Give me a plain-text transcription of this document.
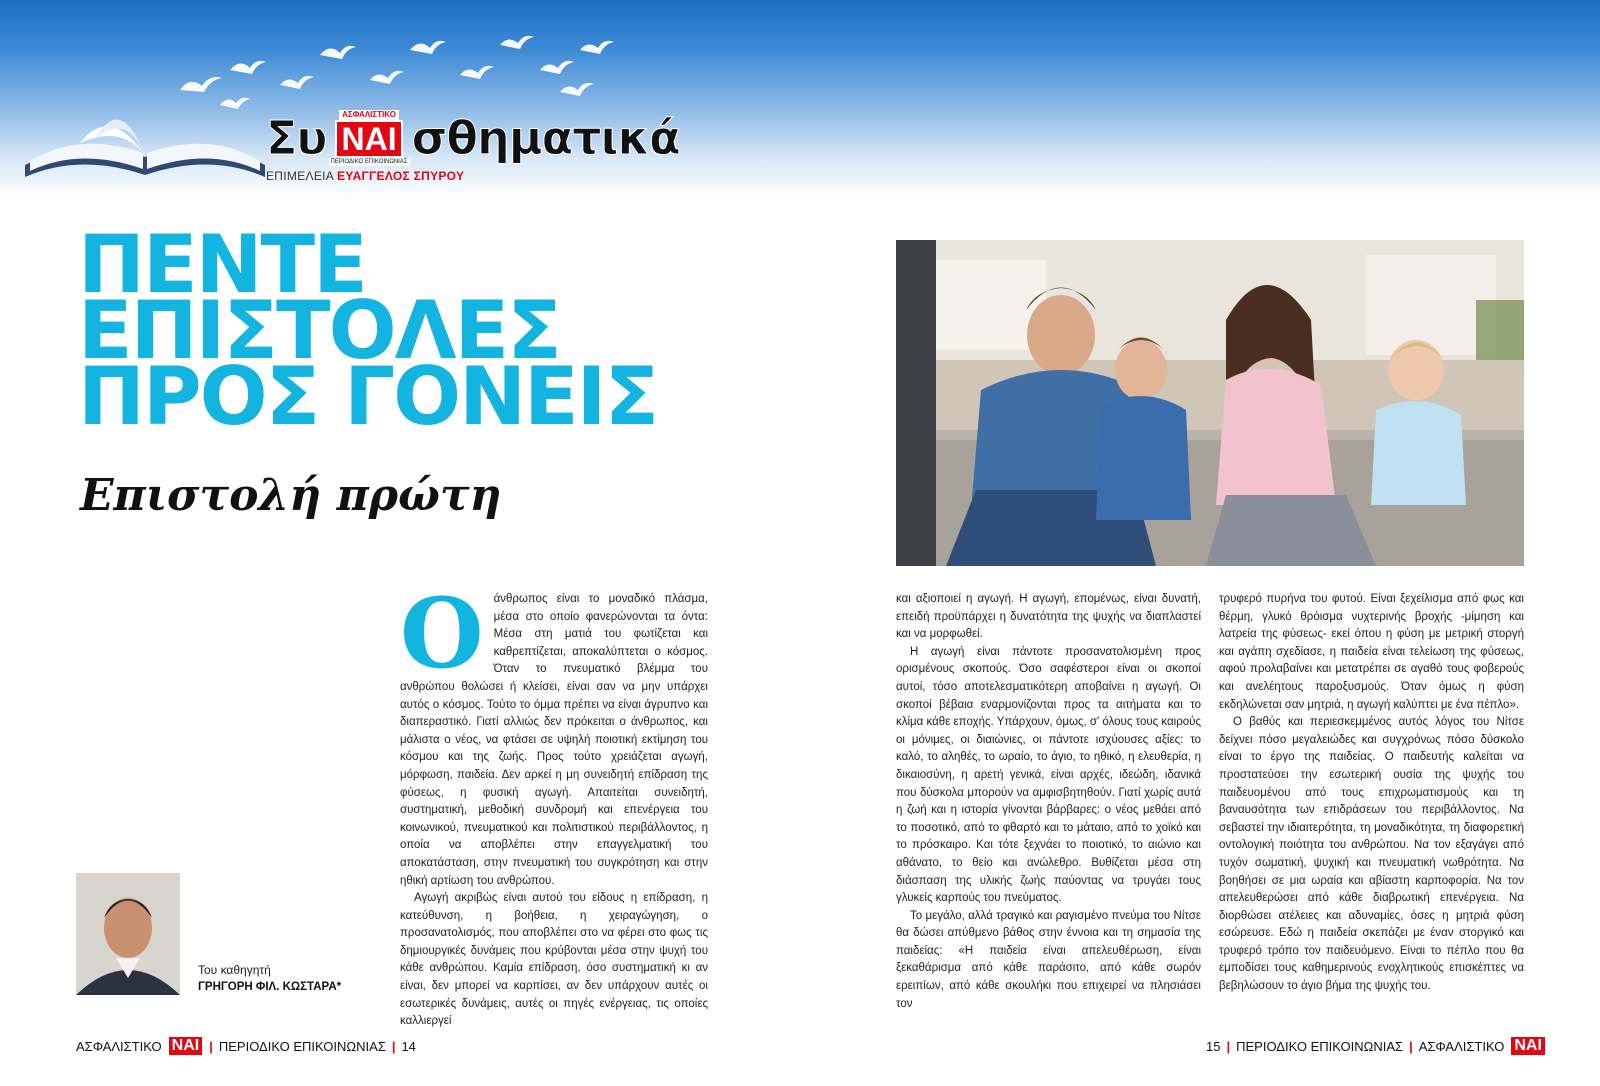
Συ	ΑΣΦΑΛΙΣΤΙΚΟ
ΝΑΙ
ΠΕΡΙΟΔΙΚΟ ΕΠΙΚΟΙΝΩΝΙΑΣ σθηματικά
ΕΠΙΜΕΛΕΙΑ ΕΥΑΓΓΕΛΟΣ ΣΠΥΡΟΥ
ΠΕΝΤΕ
ΕΠΙΣΤΟΛΕΣ
ΠΡΟΣ ΓΟΝΕΙΣ
Επιστολή πρώτη
Ο άνθρωπος είναι το μοναδικό πλάσμα, μέσα στο οποίο φανερώνονται τα όντα: Μέσα στη ματιά του φωτίζεται και καθρεπτίζεται, αποκαλύπτεται ο κόσμος. Όταν το πνευματικό βλέμμα του ανθρώπου θολώσει ή κλείσει, είναι σαν να μην υπάρχει αυτός ο κόσμος. Τούτο το όμμα πρέπει να είναι άγρυπνο και διαπεραστικό. Γιατί αλλιώς δεν πρόκειται ο άνθρωπος, και μάλιστα ο νέος, να φτάσει σε υψηλή ποιοτική εκτίμηση του κόσμου και της ζωής. Προς τούτο χρειάζεται αγωγή, μόρφωση, παιδεία. Δεν αρκεί η μη συνειδητή επίδραση της φύσεως, η φυσική αγωγή. Απαιτείται συνειδητή, συστηματική, μεθοδική συνδρομή και επενέργεια του κοινωνικού, πνευματικού και πολιτιστικού περιβάλλοντος, η οποία να αποβλέπει στην επαγγελματική του αποκατάσταση, στην πνευματική του συγκρότηση και στην ηθική αρτίωση του ανθρώπου.

Αγωγή ακριβώς είναι αυτού του είδους η επίδραση, η κατεύθυνση, η βοήθεια, η χειραγώγηση, ο προσανατολισμός, που αποβλέπει στο να φέρει στο φως τις δημιουργικές δυνάμεις που κρύβονται μέσα στην ψυχή του κάθε ανθρώπου. Καμία επίδραση, όσο συστηματική κι αν είναι, δεν μπορεί να καρπίσει, αν δεν υπάρχουν αυτές οι εσωτερικές δυνάμεις, αυτές οι πηγές ενέργειας, τις οποίες καλλιεργεί

και αξιοποιεί η αγωγή. Η αγωγή, επομένως, είναι δυνατή, επειδή προϋπάρχει η δυνατότητα της ψυχής να διαπλαστεί και να μορφωθεί.

Η αγωγή είναι πάντοτε προσανατολισμένη προς ορισμένους σκοπούς. Όσο σαφέστεροι είναι οι σκοποί αυτοί, τόσο αποτελεσματικότερη αποβαίνει η αγωγή. Οι σκοποί βέβαια εναρμονίζονται προς τα αιτήματα και το κλίμα κάθε εποχής. Υπάρχουν, όμως, σ' όλους τους καιρούς οι μόνιμες, οι διαιώνιες, οι πάντοτε ισχύουσες αξίες: το καλό, το αληθές, το ωραίο, το άγιο, το ηθικό, η ελευθερία, η δικαιοσύνη, η αρετή γενικά, είναι αρχές, ιδεώδη, ιδανικά που δύσκολα μπορούν να αμφισβητηθούν. Γιατί χωρίς αυτά η ζωή και η ιστορία γίνονται βάρβαρες: ο νέος μεθάει από το ποσοτικό, από το φθαρτό και το μάταιο, από το χοϊκό και το πρόσκαιρο. Και τότε ξεχνάει το ποιοτικό, το αιώνιο και αθάνατο, το θείο και ανώλεθρο. Βυθίζεται μέσα στη διάσπαση της υλικής ζωής παύοντας να τρυγάει τους γλυκείς καρπούς του πνεύματος.

Το μεγάλο, αλλά τραγικό και ραγισμένο πνεύμα του Νίτσε θα δώσει απύθμενο βάθος στην έννοια και τη σημασία της παιδείας: «Η παιδεία είναι απελευθέρωση, είναι ξεκαθάρισμα από κάθε παράσιτο, από κάθε σωρόν ερειπίων, από κάθε σκουλήκι που επιχειρεί να πλησιάσει τον

τρυφερό πυρήνα του φυτού. Είναι ξεχείλισμα από φως και θέρμη, γλυκό θρόισμα νυχτερινής βροχής -μίμηση και λατρεία της φύσεως- εκεί όπου η φύση με μετρική στοργή και αγάπη σχεδίασε, η παιδεία είναι τελείωση της φύσεως, αφού προλαβαίνει και μετατρέπει σε αγαθό τους φοβερούς και ανελέητους παροξυσμούς. Όταν όμως η φύση εκδηλώνεται σαν μητριά, η αγωγή καλύπτει με ένα πέπλο».

Ο βαθύς και περιεσκεμμένος αυτός λόγος του Νίτσε δείχνει πόσο μεγαλειώδες και συγχρόνως πόσο δύσκολο είναι το έργο της παιδείας. Ο παιδευτής καλείται να προστατεύσει την εσωτερική ουσία της ψυχής του παιδευομένου από τους επιχρωματισμούς και τη βαναυσότητα των επιδράσεων του περιβάλλοντος. Να σεβαστεί την ιδιαιτερότητα, τη μοναδικότητα, τη διαφορετική οντολογική ποιότητα του ανθρώπου. Να τον εξαγάγει από τυχόν σωματική, ψυχική και πνευματική νωθρότητα. Να βοηθήσει σε μια ωραία και αβίαστη καρποφορία. Να τον απελευθερώσει από κάθε διαβρωτική επενέργεια. Να διορθώσει ατέλειες και αδυναμίες, όσες η μητριά φύση εσώρευσε. Εδώ η παιδεία σκεπάζει με έναν στοργικό και τρυφερό τρόπο τον παιδευόμενο. Είναι το πέπλο που θα εμποδίσει τους καθημερινούς ενοχλητικούς επισκέπτες να βεβηλώσουν το άγιο βήμα της ψυχής του.

Του καθηγητή
ΓΡΗΓΟΡΗ ΦΙΛ. ΚΩΣΤΑΡΑ*
ΑΣΦΑΛΙΣΤΙΚΟ ΝΑΙ | ΠΕΡΙΟΔΙΚΟ ΕΠΙΚΟΙΝΩΝΙΑΣ | 14	15 | ΠΕΡΙΟΔΙΚΟ ΕΠΙΚΟΙΝΩΝΙΑΣ | ΑΣΦΑΛΙΣΤΙΚΟ ΝΑΙ
